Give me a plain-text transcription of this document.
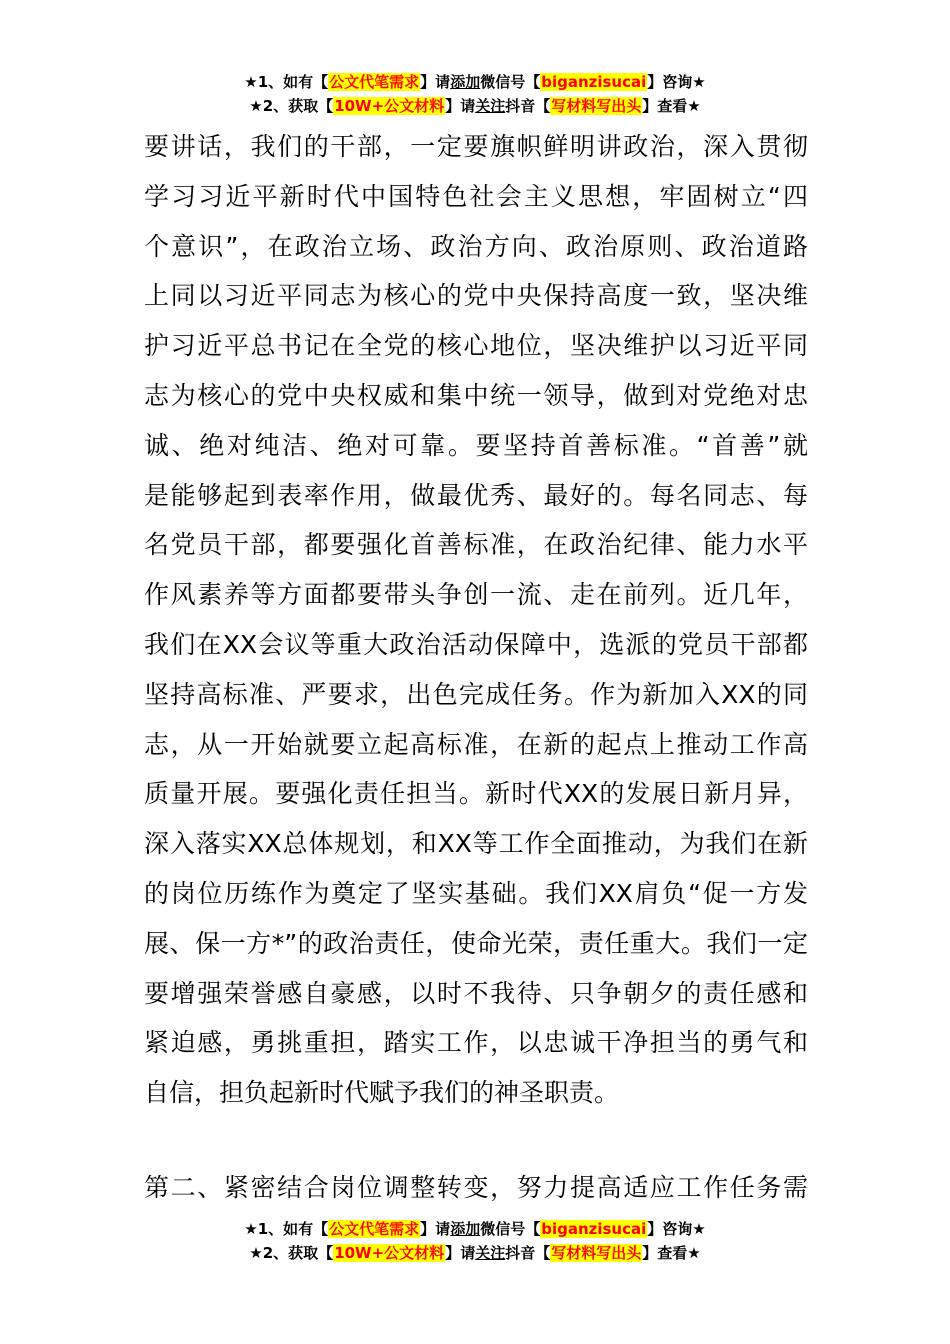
★1、如有【公文代笔需求】请添加微信号【biganzisucai】咨询★
★2、获取【10W+公文材料】请关注抖音【写材料写出头】查看★
要讲话，我们的干部，一定要旗帜鲜明讲政治，深入贯彻
学习习近平新时代中国特色社会主义思想，牢固树立“四
个意识”，在政治立场、政治方向、政治原则、政治道路
上同以习近平同志为核心的党中央保持高度一致，坚决维
护习近平总书记在全党的核心地位，坚决维护以习近平同
志为核心的党中央权威和集中统一领导，做到对党绝对忠
诚、绝对纯洁、绝对可靠。要坚持首善标准。“首善”就
是能够起到表率作用，做最优秀、最好的。每名同志、每
名党员干部，都要强化首善标准，在政治纪律、能力水平
作风素养等方面都要带头争创一流、走在前列。近几年，
我们在XX会议等重大政治活动保障中，选派的党员干部都
坚持高标准、严要求，出色完成任务。作为新加入XX的同
志，从一开始就要立起高标准，在新的起点上推动工作高
质量开展。要强化责任担当。新时代XX的发展日新月异，
深入落实XX总体规划，和XX等工作全面推动，为我们在新
的岗位历练作为奠定了坚实基础。我们XX肩负“促一方发
展、保一方*”的政治责任，使命光荣，责任重大。我们一定
要增强荣誉感自豪感，以时不我待、只争朝夕的责任感和
紧迫感，勇挑重担，踏实工作，以忠诚干净担当的勇气和
自信，担负起新时代赋予我们的神圣职责。
第二、紧密结合岗位调整转变，努力提高适应工作任务需
★1、如有【公文代笔需求】请添加微信号【biganzisucai】咨询★
★2、获取【10W+公文材料】请关注抖音【写材料写出头】查看★
